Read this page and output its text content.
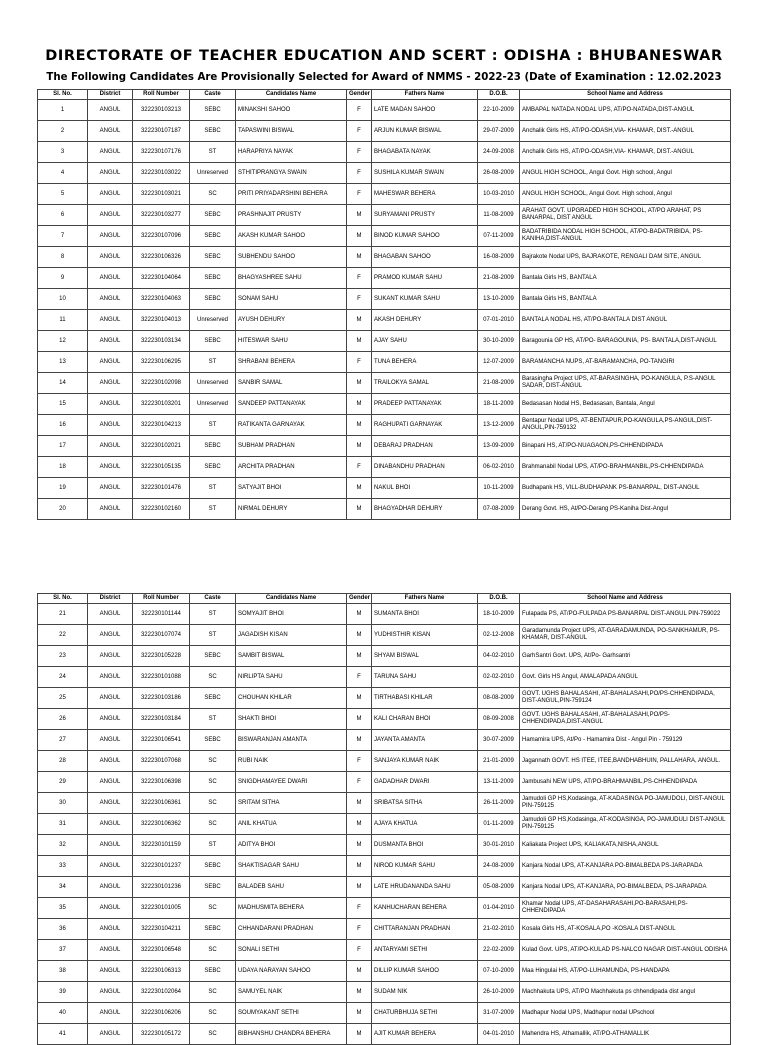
DIRECTORATE OF TEACHER EDUCATION AND SCERT : ODISHA : BHUBANESWAR
The Following Candidates Are Provisionally Selected for Award of NMMS - 2022-23 (Date of Examination : 12.02.2023
Sl. No.	District	Roll Number	Caste	Candidates Name	Gender	Fathers Name	D.O.B.	School Name and Address
1	ANGUL	322230103213	SEBC	MINAKSHI SAHOO	F	LATE MADAN SAHOO	22-10-2009	AMBAPAL NATADA NODAL UPS, AT/PO-NATADA,DIST-ANGUL
2	ANGUL	322230107187	SEBC	TAPASWINI BISWAL	F	ARJUN KUMAR BISWAL	29-07-2009	Anchalik Girls HS, AT/PO-ODASH,VIA- KHAMAR, DIST.-ANGUL
3	ANGUL	322230107176	ST	HARAPRIYA NAYAK	F	BHAGABATA NAYAK	24-09-2008	Anchalik Girls HS, AT/PO-ODASH,VIA- KHAMAR, DIST.-ANGUL
4	ANGUL	322230103022	Unreserved	STHITIPRANGYA SWAIN	F	SUSHILA KUMAR SWAIN	26-08-2009	ANGUL HIGH SCHOOL, Angul Govt. High school, Angul
5	ANGUL	322230103021	SC	PRITI PRIYADARSHINI BEHERA	F	MAHESWAR BEHERA	10-03-2010	ANGUL HIGH SCHOOL, Angul Govt. High school, Angul
6	ANGUL	322230103277	SEBC	PRASHNAJIT PRUSTY	M	SURYAMANI PRUSTY	11-08-2009	ARAHAT GOVT. UPGRADED HIGH SCHOOL, AT/PO ARAHAT, PS BANARPAL, DIST ANGUL
7	ANGUL	322230107096	SEBC	AKASH KUMAR SAHOO	M	BINOD KUMAR SAHOO	07-11-2009	BADATRIBIDA NODAL HIGH SCHOOL, AT/PO-BADATRIBIDA, PS-KANIHA,DIST-ANGUL
8	ANGUL	322230106326	SEBC	SUBHENDU SAHOO	M	BHAGABAN SAHOO	16-08-2009	Bajrakote Nodal UPS, BAJRAKOTE, RENGALI DAM SITE, ANGUL
9	ANGUL	322230104064	SEBC	BHAGYASHREE SAHU	F	PRAMOD KUMAR SAHU	21-08-2009	Bantala Girls HS, BANTALA
10	ANGUL	322230104063	SEBC	SONAM SAHU	F	SUKANT KUMAR SAHU	13-10-2009	Bantala Girls HS, BANTALA
11	ANGUL	322230104013	Unreserved	AYUSH DEHURY	M	AKASH DEHURY	07-01-2010	BANTALA NODAL HS, AT/PO-BANTALA DIST ANGUL
12	ANGUL	322230103134	SEBC	HITESWAR SAHU	M	AJAY SAHU	30-10-2009	Baragounia GP HS, AT/PO- BARAGOUNIA, PS- BANTALA,DIST-ANGUL
13	ANGUL	322230106295	ST	SHRABANI BEHERA	F	TUNA BEHERA	12-07-2009	BARAMANCHA NUPS, AT-BARAMANCHA, PO-TANGIRI
14	ANGUL	322230102098	Unreserved	SANBIR SAMAL	M	TRAILOKYA SAMAL	21-08-2009	Barasingha Project UPS, AT-BARASINGHA, PO-KANGULA, P.S-ANGUL SADAR, DIST-ANGUL
15	ANGUL	322230103201	Unreserved	SANDEEP PATTANAYAK	M	PRADEEP PATTANAYAK	18-11-2009	Bedasasan Nodal HS, Bedasasan, Bantala, Angul
16	ANGUL	322230104213	ST	RATIKANTA GARNAYAK	M	RAGHUPATI GARNAYAK	13-12-2009	Bentapur Nodal UPS, AT-BENTAPUR,PO-KANGULA,PS-ANGUL,DIST-ANGUL,PIN-759132
17	ANGUL	322230102021	SEBC	SUBHAM PRADHAN	M	DEBARAJ PRADHAN	13-09-2009	Binapani HS, AT/PO-NUAGAON,PS-CHHENDIPADA
18	ANGUL	322230105135	SEBC	ARCHITA PRADHAN	F	DINABANDHU PRADHAN	06-02-2010	Brahmanabil Nodal UPS, AT/PO-BRAHMANBIL,PS-CHHENDIPADA
19	ANGUL	322230101476	ST	SATYAJIT BHOI	M	NAKUL BHOI	10-11-2009	Budhapank HS, VILL-BUDHAPANK PS-BANARPAL, DIST-ANGUL
20	ANGUL	322230102160	ST	NIRMAL DEHURY	M	BHAGYADHAR DEHURY	07-08-2009	Derang Govt. HS, At/PO-Derang PS-Kaniha Dist-Angul
Sl. No.	District	Roll Number	Caste	Candidates Name	Gender	Fathers Name	D.O.B.	School Name and Address
21	ANGUL	322230101144	ST	SOMYAJIT BHOI	M	SUMANTA BHOI	18-10-2009	Fulapada PS, AT/PO-FULPADA PS-BANARPAL DIST-ANGUL PIN-759022
22	ANGUL	322230107074	ST	JAGADISH KISAN	M	YUDHISTHIR KISAN	02-12-2008	Garadamunda Project UPS, AT-GARADAMUNDA, PO-SANKHAMUR, PS-KHAMAR, DIST-ANGUL
23	ANGUL	322230105228	SEBC	SAMBIT BISWAL	M	SHYAM BISWAL	04-02-2010	GarhSantri Govt. UPS, At/Po- Garhsantri
24	ANGUL	322230101088	SC	NIRLIPTA SAHU	F	TARUNA SAHU	02-02-2010	Govt. Girls HS Angul, AMALAPADA ANGUL
25	ANGUL	322230103186	SEBC	CHOUHAN KHILAR	M	TIRTHABASI KHILAR	08-08-2009	GOVT. UGHS BAHALASAHI, AT-BAHALASAHI,PO/PS-CHHENDIPADA, DIST-ANGUL,PIN-759124
26	ANGUL	322230103184	ST	SHAKTI BHOI	M	KALI CHARAN BHOI	08-09-2008	GOVT. UGHS BAHALASAHI, AT-BAHALASAHI,PO/PS-CHHENDIPADA,DIST-ANGUL
27	ANGUL	322230106541	SEBC	BISWARANJAN AMANTA	M	JAYANTA AMANTA	30-07-2009	Hamamira UPS, At/Po - Hamamira Dist - Angul Pin - 759129
28	ANGUL	322230107068	SC	RUBI NAIK	F	SANJAYA KUMAR NAIK	21-01-2009	Jagannath GOVT. HS ITEE, ITEE,BANDHABHUIN, PALLAHARA, ANGUL.
29	ANGUL	322230106398	SC	SNIGDHAMAYEE DWARI	F	GADADHAR DWARI	13-11-2009	Jambusahi NEW UPS, AT/PO-BRAHMANBIL,PS-CHHENDIPADA
30	ANGUL	322230106361	SC	SRITAM SITHA	M	SRIBATSA SITHA	26-11-2009	Jamudoli GP HS,Kodasinga, AT-KADASINGA PO-JAMUDOLI, DIST-ANGUL PIN-759125
31	ANGUL	322230106362	SC	ANIL KHATUA	M	AJAYA KHATUA	01-11-2009	Jamudoli GP HS,Kodasinga, AT-KODASINGA, PO-JAMUDULI DIST-ANGUL PIN-759125
32	ANGUL	322230101159	ST	ADITYA BHOI	M	DUSMANTA BHOI	30-01-2010	Kaliakata Project UPS, KALIAKATA,NISHA,ANGUL
33	ANGUL	322230101237	SEBC	SHAKTISAGAR SAHU	M	NIROD KUMAR SAHU	24-08-2009	Kanjara Nodal UPS, AT-KANJARA PO-BIMALBEDA PS-JARAPADA
34	ANGUL	322230101236	SEBC	BALADEB SAHU	M	LATE HRUDANANDA SAHU	05-08-2009	Kanjara Nodal UPS, AT-KANJARA, PO-BIMALBEDA, PS-JARAPADA
35	ANGUL	322230101005	SC	MADHUSMITA BEHERA	F	KANHUCHARAN BEHERA	01-04-2010	Khamar Nodal UPS, AT-DASAHARASAHI,PO-BARASAHI,PS-CHHENDIPADA
36	ANGUL	322230104211	SEBC	CHHANDARANI PRADHAN	F	CHITTARANJAN PRADHAN	21-02-2010	Kosala Girls HS, AT-KOSALA,PO -KOSALA DIST-ANGUL
37	ANGUL	322230106548	SC	SONALI SETHI	F	ANTARYAMI SETHI	22-02-2009	Kulad Govt. UPS, AT/PO-KULAD PS-NALCO NAGAR DIST-ANGUL ODISHA
38	ANGUL	322230106313	SEBC	UDAYA NARAYAN SAHOO	M	DILLIP KUMAR SAHOO	07-10-2009	Maa Hingulai HS, AT/PO-LUHAMUNDA, PS-HANDAPA
39	ANGUL	322230102064	SC	SAMUYEL NAIK	M	SUDAM NIK	26-10-2009	Machhakuta UPS, AT/PO Machhakuta ps chhendipada dist angul
40	ANGUL	322230106206	SC	SOUMYAKANT SETHI	M	CHATURBHUJA SETHI	31-07-2009	Madhapur Nodal UPS, Madhapur nodal UPschool
41	ANGUL	322230105172	SC	BIBHANSHU CHANDRA BEHERA	M	AJIT KUMAR BEHERA	04-01-2010	Mahendra HS, Athamallik, AT/PO-ATHAMALLIK
